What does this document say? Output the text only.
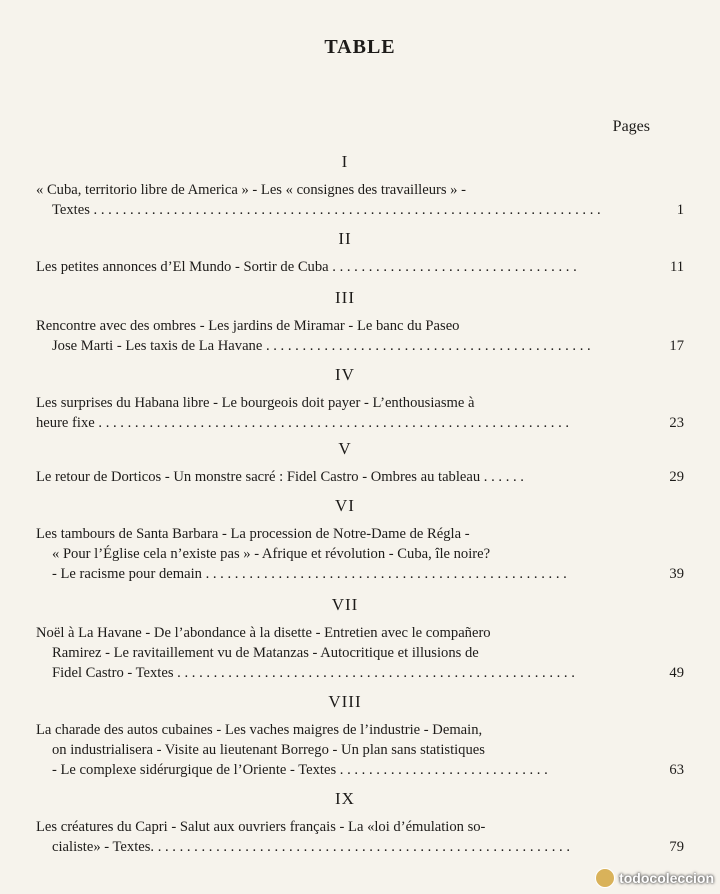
TABLE
Pages
I
« Cuba, territorio libre de America » - Les « consignes des travailleurs » -
Textes . . . . . . . . . . . . . . . . . . . . . . . . . . . . . . . . . . . . . . . . . . . . . . . . . . . . . . . . . . . . . . . . . . . . . .	1
II
Les petites annonces d’El Mundo - Sortir de Cuba . . . . . . . . . . . . . . . . . . . . . . . . . . . . . . . . . .	11
III
Rencontre avec des ombres - Les jardins de Miramar - Le banc du Paseo
Jose Marti - Les taxis de La Havane . . . . . . . . . . . . . . . . . . . . . . . . . . . . . . . . . . . . . . . . . . . . .	17
IV
Les surprises du Habana libre - Le bourgeois doit payer - L’enthousiasme à
heure fixe . . . . . . . . . . . . . . . . . . . . . . . . . . . . . . . . . . . . . . . . . . . . . . . . . . . . . . . . . . . . . . . . .	23
V
Le retour de Dorticos - Un monstre sacré : Fidel Castro - Ombres au tableau . . . . . .	29
VI
Les tambours de Santa Barbara - La procession de Notre-Dame de Régla -
« Pour l’Église cela n’existe pas » - Afrique et révolution - Cuba, île noire?
- Le racisme pour demain . . . . . . . . . . . . . . . . . . . . . . . . . . . . . . . . . . . . . . . . . . . . . . . . . .	39
VII
Noël à La Havane - De l’abondance à la disette - Entretien avec le compañero
Ramirez - Le ravitaillement vu de Matanzas - Autocritique et illusions de
Fidel Castro - Textes . . . . . . . . . . . . . . . . . . . . . . . . . . . . . . . . . . . . . . . . . . . . . . . . . . . . . . .	49
VIII
La charade des autos cubaines - Les vaches maigres de l’industrie - Demain,
on industrialisera - Visite au lieutenant Borrego - Un plan sans statistiques
- Le complexe sidérurgique de l’Oriente - Textes . . . . . . . . . . . . . . . . . . . . . . . . . . . . .	63
IX
Les créatures du Capri - Salut aux ouvriers français - La «loi d’émulation so-
cialiste» - Textes. . . . . . . . . . . . . . . . . . . . . . . . . . . . . . . . . . . . . . . . . . . . . . . . . . . . . . . . . .	79
todocoleccion
